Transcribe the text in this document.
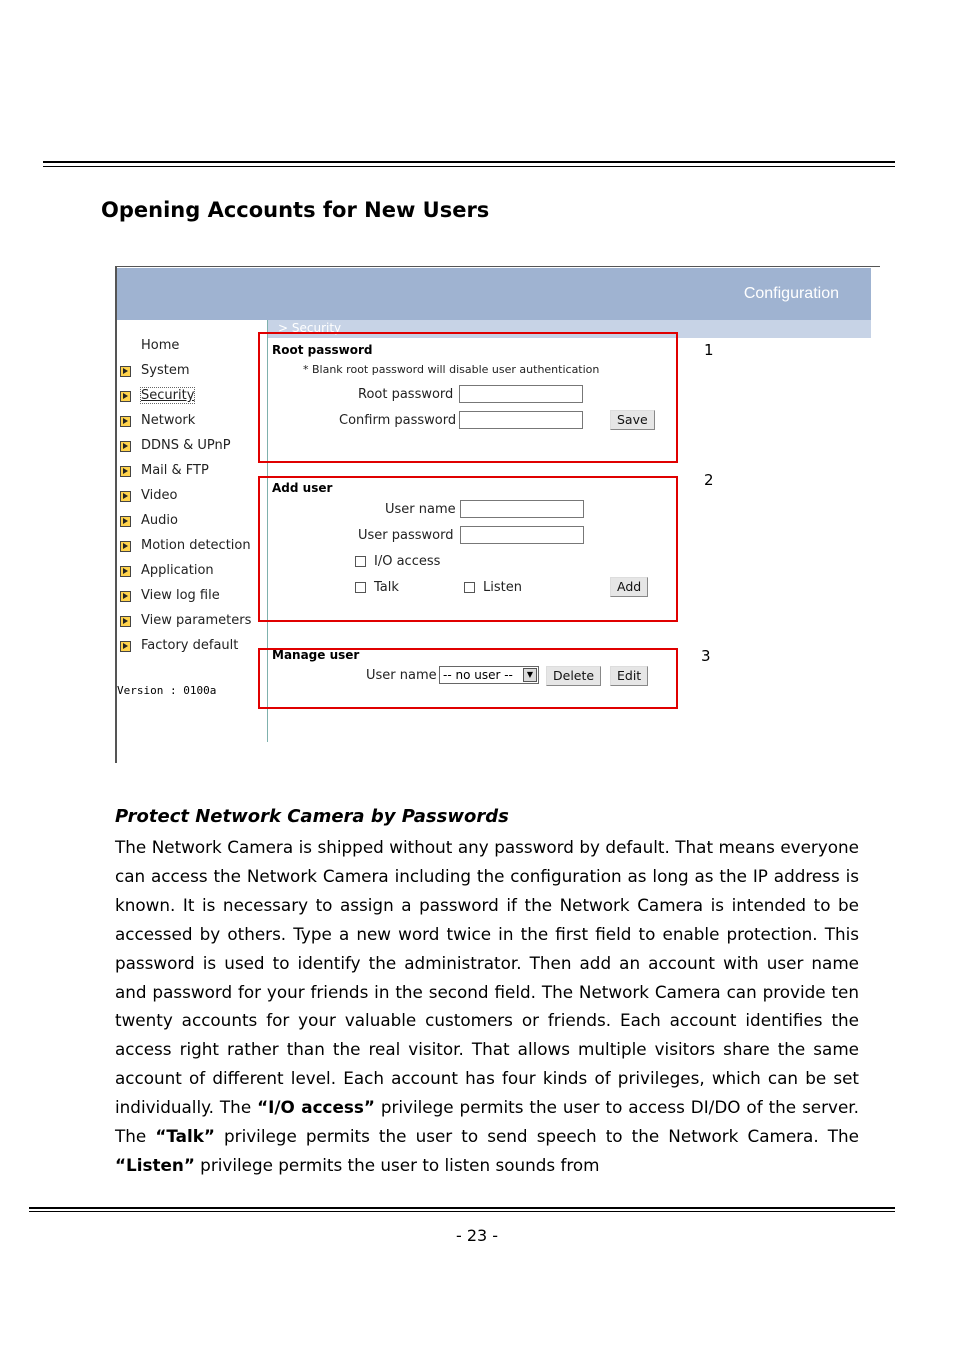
Opening Accounts for New Users
Configuration
> Security
Home
System
Security
Network
DDNS & UPnP
Mail & FTP
Video
Audio
Motion detection
Application
View log file
View parameters
Factory default
Version : 0100a
Root password
* Blank root password will disable user authentication
Root password
Confirm password	Save
1
Add user
User name
User password
I/O access
Talk	Listen	Add
2
Manage user
User name -- no user --	▼	Delete	Edit
3
Protect Network Camera by Passwords

The Network Camera is shipped without any password by default. That means everyone can access the Network Camera including the configuration as long as the IP address is known. It is necessary to assign a password if the Network Camera is intended to be accessed by others. Type a new word twice in the first field to enable protection. This password is used to identify the administrator. Then add an account with user name and password for your friends in the second field. The Network Camera can provide ten twenty accounts for your valuable customers or friends. Each account identifies the access right rather than the real visitor. That allows multiple visitors share the same account of different level. Each account has four kinds of privileges, which can be set individually. The “I/O access” privilege permits the user to access DI/DO of the server. The “Talk” privilege permits the user to send speech to the Network Camera. The “Listen” privilege permits the user to listen sounds from

- 23 -
